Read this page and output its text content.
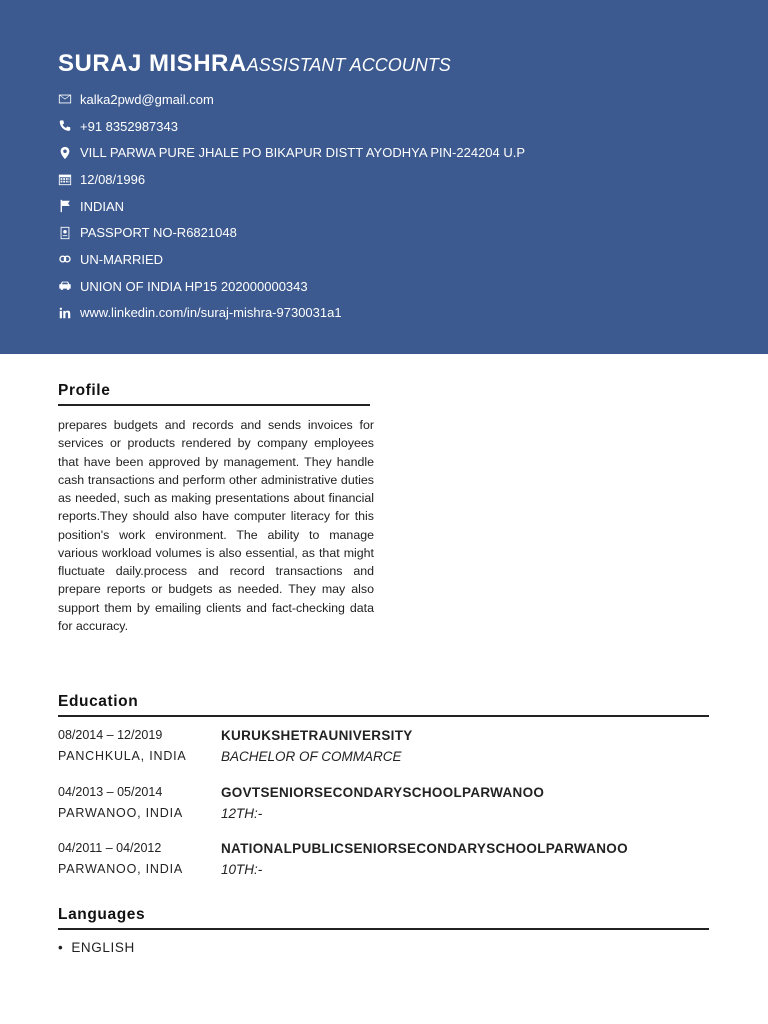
SURAJ MISHRAASSISTANT ACCOUNTS
kalka2pwd@gmail.com
+91 8352987343
VILL PARWA PURE JHALE PO BIKAPUR DISTT AYODHYA PIN-224204 U.P
12/08/1996
INDIAN
PASSPORT NO-R6821048
UN-MARRIED
UNION OF INDIA HP15 202000000343
www.linkedin.com/in/suraj-mishra-9730031a1
Profile
prepares budgets and records and sends invoices for services or products rendered by company employees that have been approved by management. They handle cash transactions and perform other administrative duties as needed, such as making presentations about financial reports.They should also have computer literacy for this position's work environment. The ability to manage various workload volumes is also essential, as that might fluctuate daily.process and record transactions and prepare reports or budgets as needed. They may also support them by emailing clients and fact-checking data for accuracy.
Education
08/2014 – 12/2019
PANCHKULA, INDIA
KURUKSHETRAUNIVERSITY
BACHELOR OF COMMARCE
04/2013 – 05/2014
PARWANOO, INDIA
GOVTSENIORSECONDARYSCHOOLPARWANOO
12TH:-
04/2011 – 04/2012
PARWANOO, INDIA
NATIONALPUBLICSENIORSECONDARYSCHOOLPARWANOO
10TH:-
Languages
• ENGLISH
